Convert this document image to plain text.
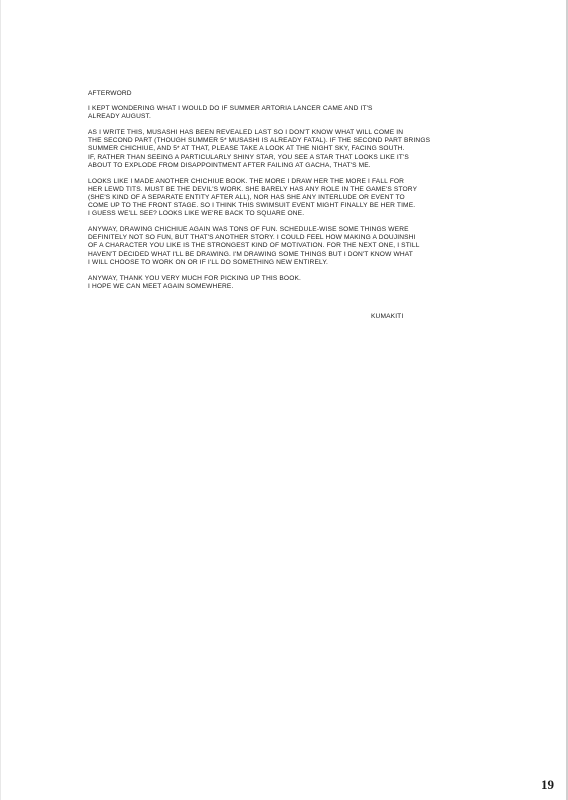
AFTERWORD
I KEPT WONDERING WHAT I WOULD DO IF SUMMER ARTORIA LANCER CAME AND IT'S
ALREADY AUGUST.
AS I WRITE THIS, MUSASHI HAS BEEN REVEALED LAST SO I DON'T KNOW WHAT WILL COME IN
THE SECOND PART (THOUGH SUMMER 5* MUSASHI IS ALREADY FATAL). IF THE SECOND PART BRINGS
SUMMER CHICHIUE, AND 5* AT THAT, PLEASE TAKE A LOOK AT THE NIGHT SKY, FACING SOUTH.
IF, RATHER THAN SEEING A PARTICULARLY SHINY STAR, YOU SEE A STAR THAT LOOKS LIKE IT'S
ABOUT TO EXPLODE FROM DISAPPOINTMENT AFTER FAILING AT GACHA, THAT'S ME.
LOOKS LIKE I MADE ANOTHER CHICHIUE BOOK. THE MORE I DRAW HER THE MORE I FALL FOR
HER LEWD TITS. MUST BE THE DEVIL'S WORK. SHE BARELY HAS ANY ROLE IN THE GAME'S STORY
(SHE'S KIND OF A SEPARATE ENTITY AFTER ALL), NOR HAS SHE ANY INTERLUDE OR EVENT TO
COME UP TO THE FRONT STAGE. SO I THINK THIS SWIMSUIT EVENT MIGHT FINALLY BE HER TIME.
I GUESS WE'LL SEE? LOOKS LIKE WE'RE BACK TO SQUARE ONE.
ANYWAY, DRAWING CHICHIUE AGAIN WAS TONS OF FUN. SCHEDULE-WISE SOME THINGS WERE
DEFINITELY NOT SO FUN, BUT THAT'S ANOTHER STORY. I COULD FEEL HOW MAKING A DOUJINSHI
OF A CHARACTER YOU LIKE IS THE STRONGEST KIND OF MOTIVATION. FOR THE NEXT ONE, I STILL
HAVEN'T DECIDED WHAT I'LL BE DRAWING. I'M DRAWING SOME THINGS BUT I DON'T KNOW WHAT
I WILL CHOOSE TO WORK ON OR IF I'LL DO SOMETHING NEW ENTIRELY.
ANYWAY, THANK YOU VERY MUCH FOR PICKING UP THIS BOOK.
I HOPE WE CAN MEET AGAIN SOMEWHERE.
KUMAKITI
19
